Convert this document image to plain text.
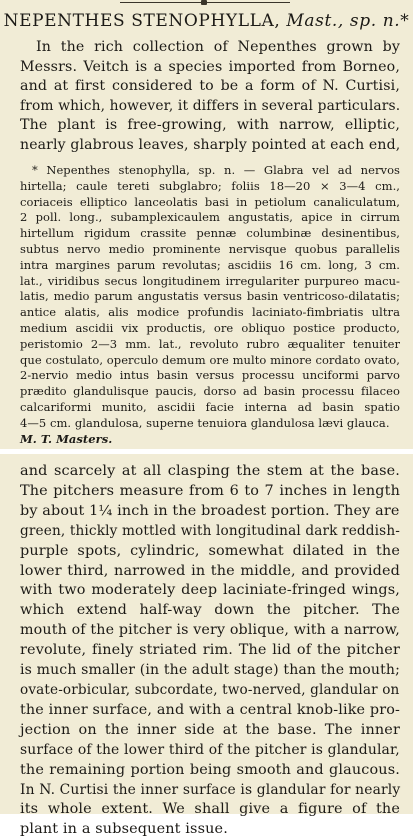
NEPENTHES STENOPHYLLA, Mast., sp. n.*
In the rich collection of Nepenthes grown by
Messrs. Veitch is a species imported from Borneo,
and at first considered to be a form of N. Curtisi,
from which, however, it differs in several particulars.
The plant is free-growing, with narrow, elliptic,
nearly glabrous leaves, sharply pointed at each end,
* Nepenthes stenophylla, sp. n. — Glabra vel ad nervos
hirtella; caule tereti subglabro; foliis 18—20 × 3—4 cm.,
coriaceis elliptico lanceolatis basi in petiolum canaliculatum,
2 poll. long., subamplexicaulem angustatis, apice in cirrum
hirtellum rigidum crassite pennæ columbinæ desinentibus,
subtus nervo medio prominente nervisque quobus parallelis
intra margines parum revolutas; ascidiis 16 cm. long, 3 cm.
lat., viridibus secus longitudinem irregulariter purpureo macu-
latis, medio parum angustatis versus basin ventricoso-dilatatis;
antice alatis, alis modice profundis laciniato-fimbriatis ultra
medium ascidii vix productis, ore obliquo postice producto,
peristomio 2—3 mm. lat., revoluto rubro æqualiter tenuiter
que costulato, operculo demum ore multo minore cordato ovato,
2-nervio medio intus basin versus processu unciformi parvo
prædito glandulisque paucis, dorso ad basin processu filaceo
calcariformi munito, ascidii facie interna ad basin spatio
4—5 cm. glandulosa, superne tenuiora glandulosa lævi glauca.
M. T. Masters.
and scarcely at all clasping the stem at the base.
The pitchers measure from 6 to 7 inches in length
by about 1¼ inch in the broadest portion. They are
green, thickly mottled with longitudinal dark reddish-
purple spots, cylindric, somewhat dilated in the
lower third, narrowed in the middle, and provided
with two moderately deep laciniate-fringed wings,
which extend half-way down the pitcher. The
mouth of the pitcher is very oblique, with a narrow,
revolute, finely striated rim. The lid of the pitcher
is much smaller (in the adult stage) than the mouth;
ovate-orbicular, subcordate, two-nerved, glandular on
the inner surface, and with a central knob-like pro-
jection on the inner side at the base. The inner
surface of the lower third of the pitcher is glandular,
the remaining portion being smooth and glaucous.
In N. Curtisi the inner surface is glandular for nearly
its whole extent. We shall give a figure of the
plant in a subsequent issue.
